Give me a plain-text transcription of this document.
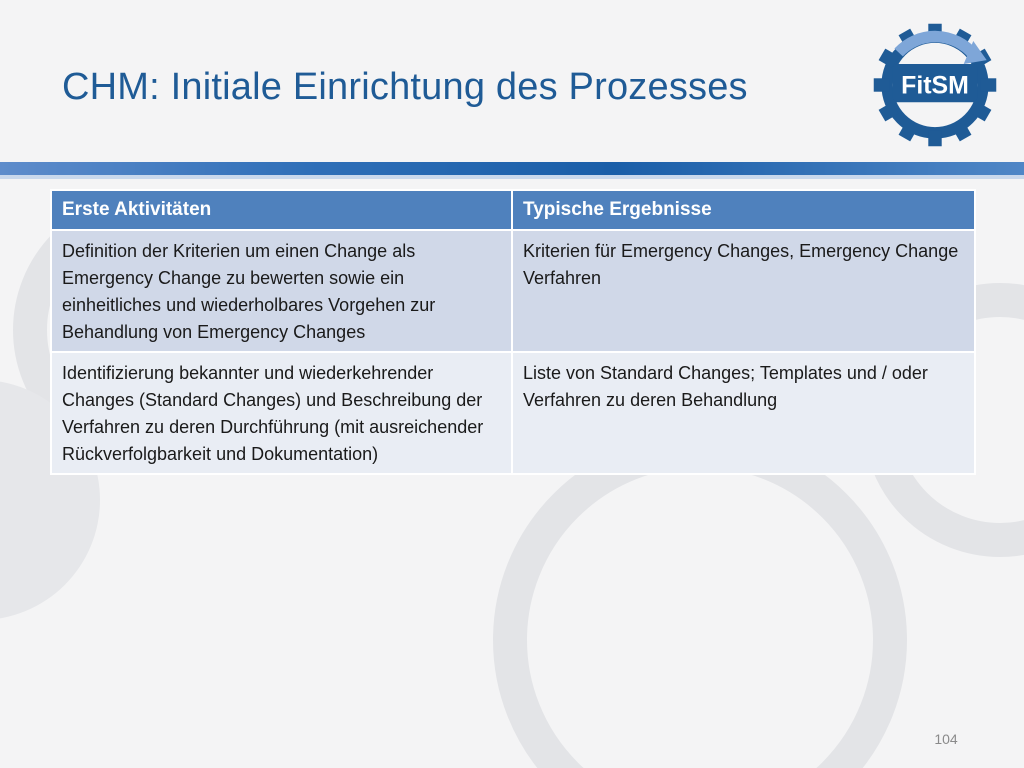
CHM: Initiale Einrichtung des Prozesses	FitSM
Erste Aktivitäten	Typische Ergebnisse
Definition der Kriterien um einen Change als Emergency Change zu bewerten sowie ein einheitliches und wiederholbares Vorgehen zur Behandlung von Emergency Changes	Kriterien für Emergency Changes, Emergency Change Verfahren
Identifizierung bekannter und wiederkehrender Changes (Standard Changes) und Beschreibung der Verfahren zu deren Durchführung (mit ausreichender Rückverfolgbarkeit und Dokumentation)	Liste von Standard Changes; Templates und / oder Verfahren zu deren Behandlung
104
